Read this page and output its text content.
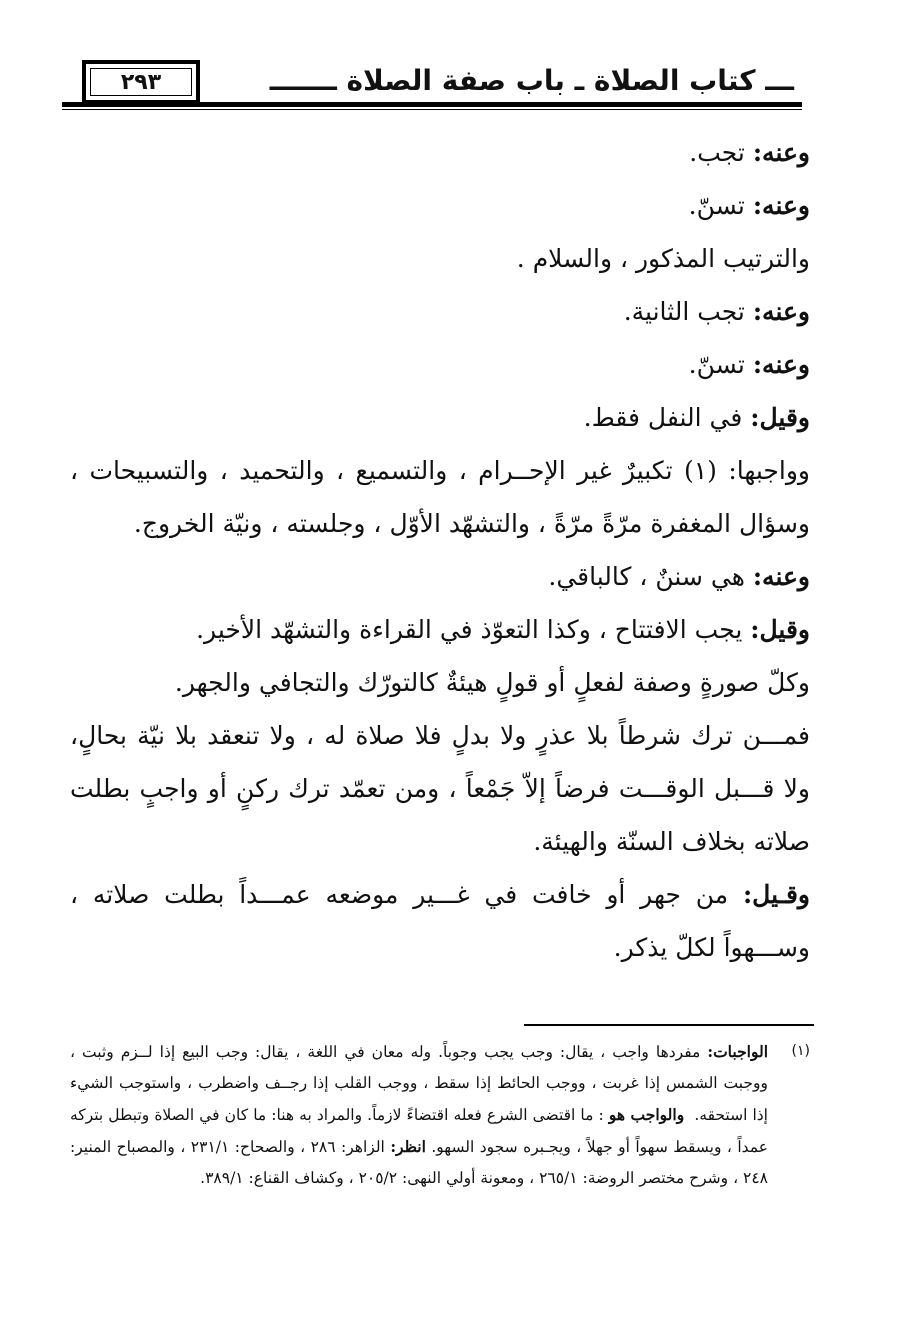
٢٩٣	ـــ كتاب الصلاة ـ باب صفة الصلاة ـــــــ

وعنه: تجب.

وعنه: تسنّ.

والترتيب المذكور ، والسلام .

وعنه: تجب الثانية.

وعنه: تسنّ.

وقيل: في النفل فقط.

وواجبها: (١) تكبيرٌ غير الإحــرام ، والتسميع ، والتحميد ، والتسبيحات ، وسؤال المغفرة مرّةً مرّةً ، والتشهّد الأوّل ، وجلسته ، ونيّة الخروج.

وعنه: هي سننٌ ، كالباقي.

وقيل: يجب الافتتاح ، وكذا التعوّذ في القراءة والتشهّد الأخير.

وكلّ صورةٍ وصفة لفعلٍ أو قولٍ هيئةٌ كالتورّك والتجافي والجهر.

فمـــن ترك شرطاً بلا عذرٍ ولا بدلٍ فلا صلاة له ، ولا تنعقد بلا نيّة بحالٍ، ولا قـــبل الوقـــت فرضاً إلاّ جَمْعاً ، ومن تعمّد ترك ركنٍ أو واجبٍ بطلت صلاته بخلاف السنّة والهيئة.

وقـيل: من جهر أو خافت في غـــير موضعه عمـــداً بطلت صلاته ، وســـهواً لكلّ يذكر.

(١)
الواجبات: مفردها واجب ، يقال: وجب يجب وجوباً. وله معان في اللغة ، يقال: وجب البيع إذا لــزم وثبت ، ووجبت الشمس إذا غربت ، ووجب الحائط إذا سقط ، ووجب القلب إذا رجــف واضطرب ، واستوجب الشيء إذا استحقه.  والواجب هو : ما اقتضى الشرع فعله اقتضاءً لازماً. والمراد به هنا: ما كان في الصلاة وتبطل بتركه عمداً ، ويسقط سهواً أو جهلاً ، ويجـبره سجود السهو. انظر: الزاهر: ٢٨٦ ، والصحاح: ٢٣١/١ ، والمصباح المنير: ٢٤٨ ، وشرح مختصر الروضة: ٢٦٥/١ ، ومعونة أولي النهى: ٢٠٥/٢ ، وكشاف القناع: ٣٨٩/١.
